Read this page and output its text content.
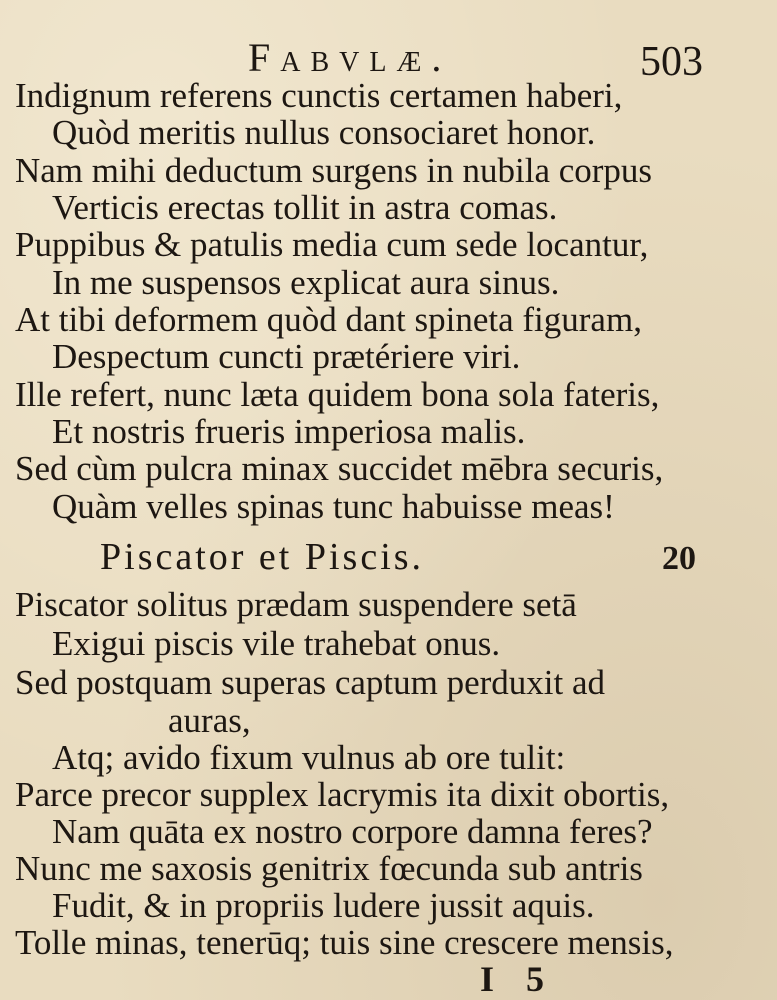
Fabvlæ.	503
Indignum referens cunctis certamen haberi,
Quòd meritis nullus consociaret honor.
Nam mihi deductum surgens in nubila corpus
Verticis erectas tollit in astra comas.
Puppibus & patulis media cum sede locantur,
In me suspensos explicat aura sinus.
At tibi deformem quòd dant spineta figuram,
Despectum cuncti prætériere viri.
Ille refert, nunc læta quidem bona sola fateris,
Et nostris frueris imperiosa malis.
Sed cùm pulcra minax succidet mēbra securis,
Quàm velles spinas tunc habuisse meas!
Piscator et Piscis.	20
Piscator solitus prædam suspendere setā
Exigui piscis vile trahebat onus.
Sed postquam superas captum perduxit ad
auras,
Atq; avido fixum vulnus ab ore tulit:
Parce precor supplex lacrymis ita dixit obortis,
Nam quāta ex nostro corpore damna feres?
Nunc me saxosis genitrix fœcunda sub antris
Fudit, & in propriis ludere jussit aquis.
Tolle minas, tenerūq; tuis sine crescere mensis,
I 5
